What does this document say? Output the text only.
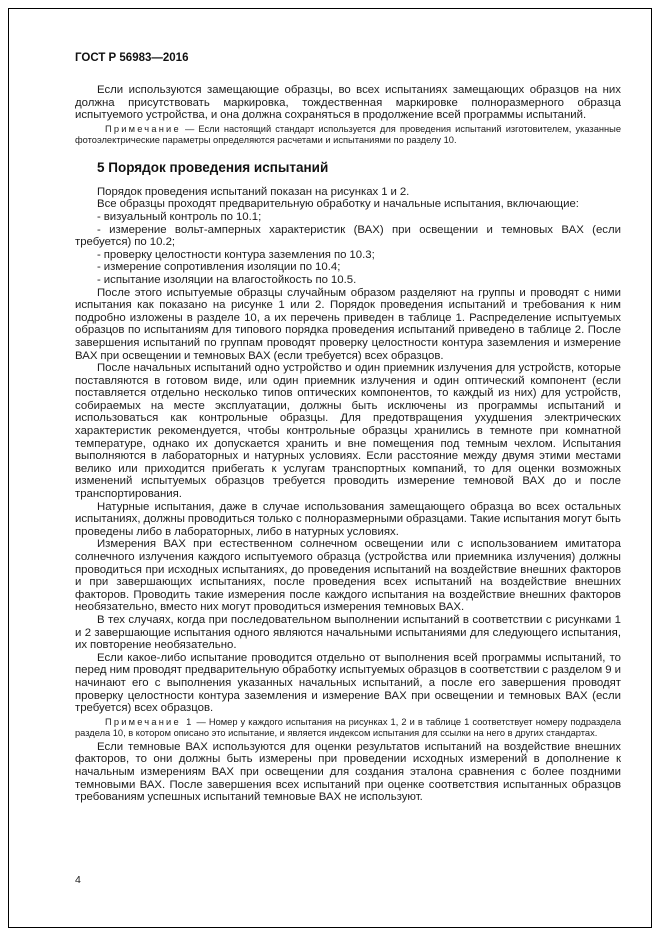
ГОСТ Р 56983—2016

Если используются замещающие образцы, во всех испытаниях замещающих образцов на них должна присутствовать маркировка, тождественная маркировке полноразмерного образца испытуемого устройства, и она должна сохраняться в продолжение всей программы испытаний.

Примечание — Если настоящий стандарт используется для проведения испытаний изготовителем, указанные фотоэлектрические параметры определяются расчетами и испытаниями по разделу 10.

5 Порядок проведения испытаний

Порядок проведения испытаний показан на рисунках 1 и 2.

Все образцы проходят предварительную обработку и начальные испытания, включающие:

- визуальный контроль по 10.1;

- измерение вольт-амперных характеристик (ВАХ) при освещении и темновых ВАХ (если требуется) по 10.2;

- проверку целостности контура заземления по 10.3;

- измерение сопротивления изоляции по 10.4;

- испытание изоляции на влагостойкость по 10.5.

После этого испытуемые образцы случайным образом разделяют на группы и проводят с ними испытания как показано на рисунке 1 или 2. Порядок проведения испытаний и требования к ним подробно изложены в разделе 10, а их перечень приведен в таблице 1. Распределение испытуемых образцов по испытаниям для типового порядка проведения испытаний приведено в таблице 2. После завершения испытаний по группам проводят проверку целостности контура заземления и измерение ВАХ при освещении и темновых ВАХ (если требуется) всех образцов.

После начальных испытаний одно устройство и один приемник излучения для устройств, которые поставляются в готовом виде, или один приемник излучения и один оптический компонент (если поставляется отдельно несколько типов оптических компонентов, то каждый из них) для устройств, собираемых на месте эксплуатации, должны быть исключены из программы испытаний и использоваться как контрольные образцы. Для предотвращения ухудшения электрических характеристик рекомендуется, чтобы контрольные образцы хранились в темноте при комнатной температуре, однако их допускается хранить и вне помещения под темным чехлом. Испытания выполняются в лабораторных и натурных условиях. Если расстояние между двумя этими местами велико или приходится прибегать к услугам транспортных компаний, то для оценки возможных изменений испытуемых образцов требуется проводить измерение темновой ВАХ до и после транспортирования.

Натурные испытания, даже в случае использования замещающего образца во всех остальных испытаниях, должны проводиться только с полноразмерными образцами. Такие испытания могут быть проведены либо в лабораторных, либо в натурных условиях.

Измерения ВАХ при естественном солнечном освещении или с использованием имитатора солнечного излучения каждого испытуемого образца (устройства или приемника излучения) должны проводиться при исходных испытаниях, до проведения испытаний на воздействие внешних факторов и при завершающих испытаниях, после проведения всех испытаний на воздействие внешних факторов. Проводить такие измерения после каждого испытания на воздействие внешних факторов необязательно, вместо них могут проводиться измерения темновых ВАХ.

В тех случаях, когда при последовательном выполнении испытаний в соответствии с рисунками 1 и 2 завершающие испытания одного являются начальными испытаниями для следующего испытания, их повторение необязательно.

Если какое-либо испытание проводится отдельно от выполнения всей программы испытаний, то перед ним проводят предварительную обработку испытуемых образцов в соответствии с разделом 9 и начинают его с выполнения указанных начальных испытаний, а после его завершения проводят проверку целостности контура заземления и измерение ВАХ при освещении и темновых ВАХ (если требуется) всех образцов.

Примечание 1 — Номер у каждого испытания на рисунках 1, 2 и в таблице 1 соответствует номеру подраздела раздела 10, в котором описано это испытание, и является индексом испытания для ссылки на него в других стандартах.

Если темновые ВАХ используются для оценки результатов испытаний на воздействие внешних факторов, то они должны быть измерены при проведении исходных измерений в дополнение к начальным измерениям ВАХ при освещении для создания эталона сравнения с более поздними темновыми ВАХ. После завершения всех испытаний при оценке соответствия испытанных образцов требованиям успешных испытаний темновые ВАХ не используют.

4
